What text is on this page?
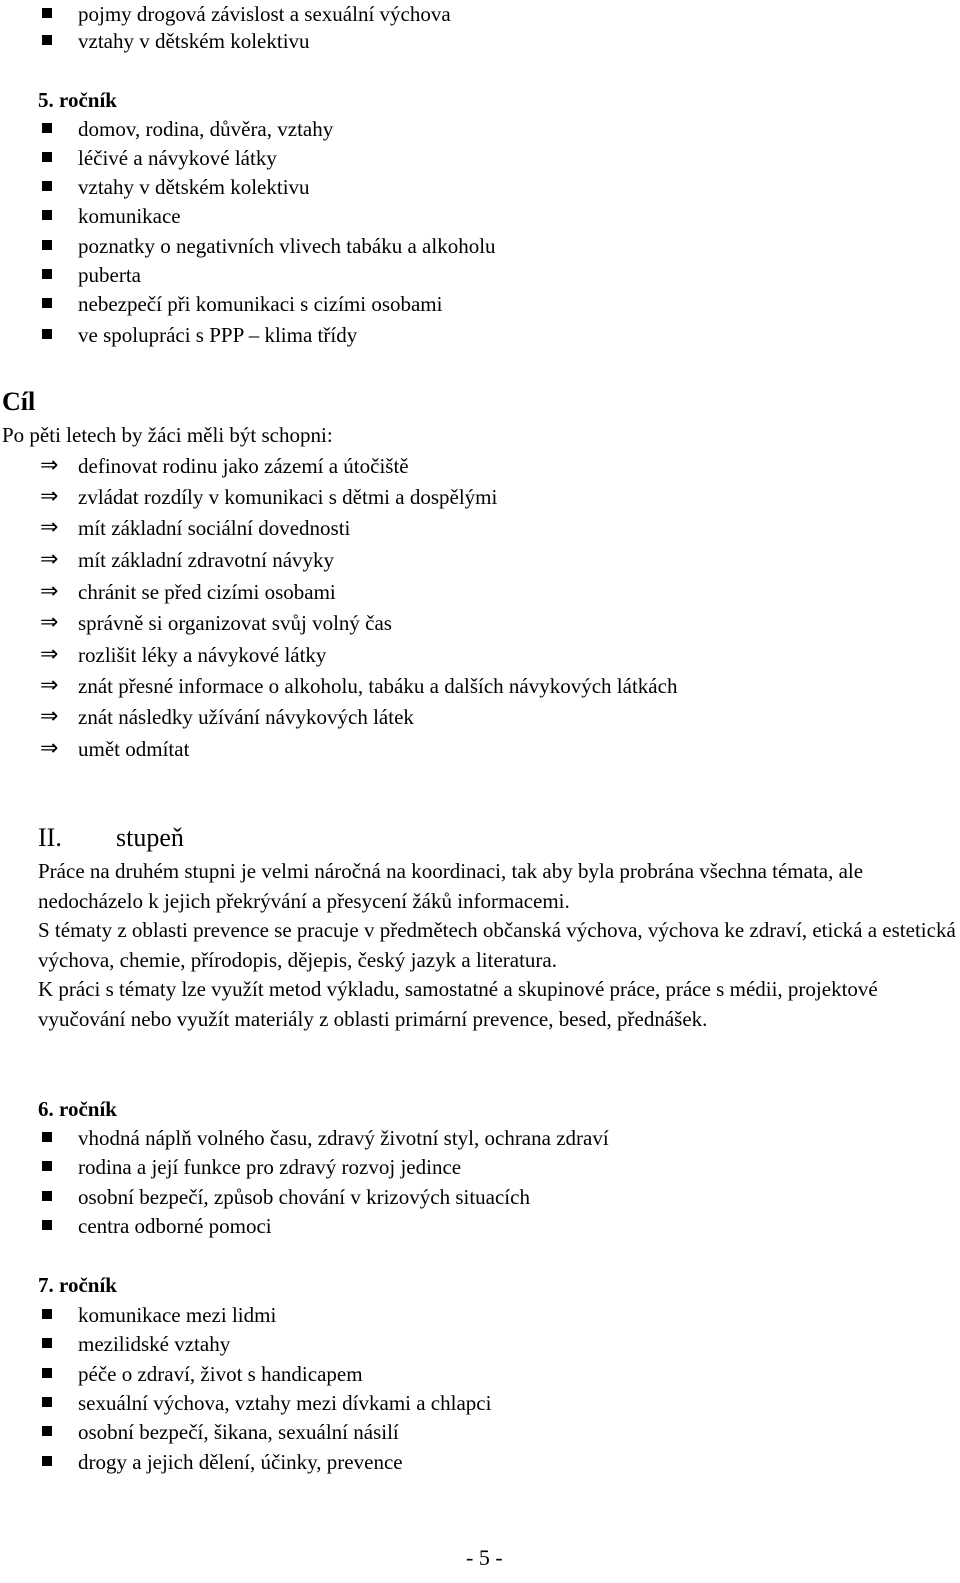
pojmy drogová závislost a sexuální výchova
vztahy v dětském kolektivu
5. ročník
domov, rodina, důvěra, vztahy
léčivé a návykové látky
vztahy v dětském kolektivu
komunikace
poznatky o negativních vlivech tabáku a alkoholu
puberta
nebezpečí při komunikaci s cizími osobami
ve spolupráci s PPP – klima třídy
Cíl
Po pěti letech by žáci měli být schopni:
⇒ definovat rodinu jako zázemí a útočiště
⇒ zvládat rozdíly v komunikaci s dětmi a dospělými
⇒ mít základní sociální dovednosti
⇒ mít základní zdravotní návyky
⇒ chránit se před cizími osobami
⇒ správně si organizovat svůj volný čas
⇒ rozlišit léky a návykové látky
⇒ znát přesné informace o alkoholu, tabáku a dalších návykových látkách
⇒ znát následky užívání návykových látek
⇒ umět odmítat
II. stupeň
Práce na druhém stupni je velmi náročná na koordinaci, tak aby byla probrána všechna témata, ale nedocházelo k jejich překrývání a přesycení žáků informacemi.
S tématy z oblasti prevence se pracuje v předmětech občanská výchova, výchova ke zdraví, etická a estetická výchova, chemie, přírodopis, dějepis, český jazyk a literatura.
K práci s tématy lze využít metod výkladu, samostatné a skupinové práce, práce s médii, projektové vyučování nebo využít materiály z oblasti primární prevence, besed, přednášek.
6. ročník
vhodná náplň volného času, zdravý životní styl, ochrana zdraví
rodina a její funkce pro zdravý rozvoj jedince
osobní bezpečí, způsob chování v krizových situacích
centra odborné pomoci
7. ročník
komunikace mezi lidmi
mezilidské vztahy
péče o zdraví, život s handicapem
sexuální výchova, vztahy mezi dívkami a chlapci
osobní bezpečí, šikana, sexuální násilí
drogy a jejich dělení, účinky, prevence
- 5 -
